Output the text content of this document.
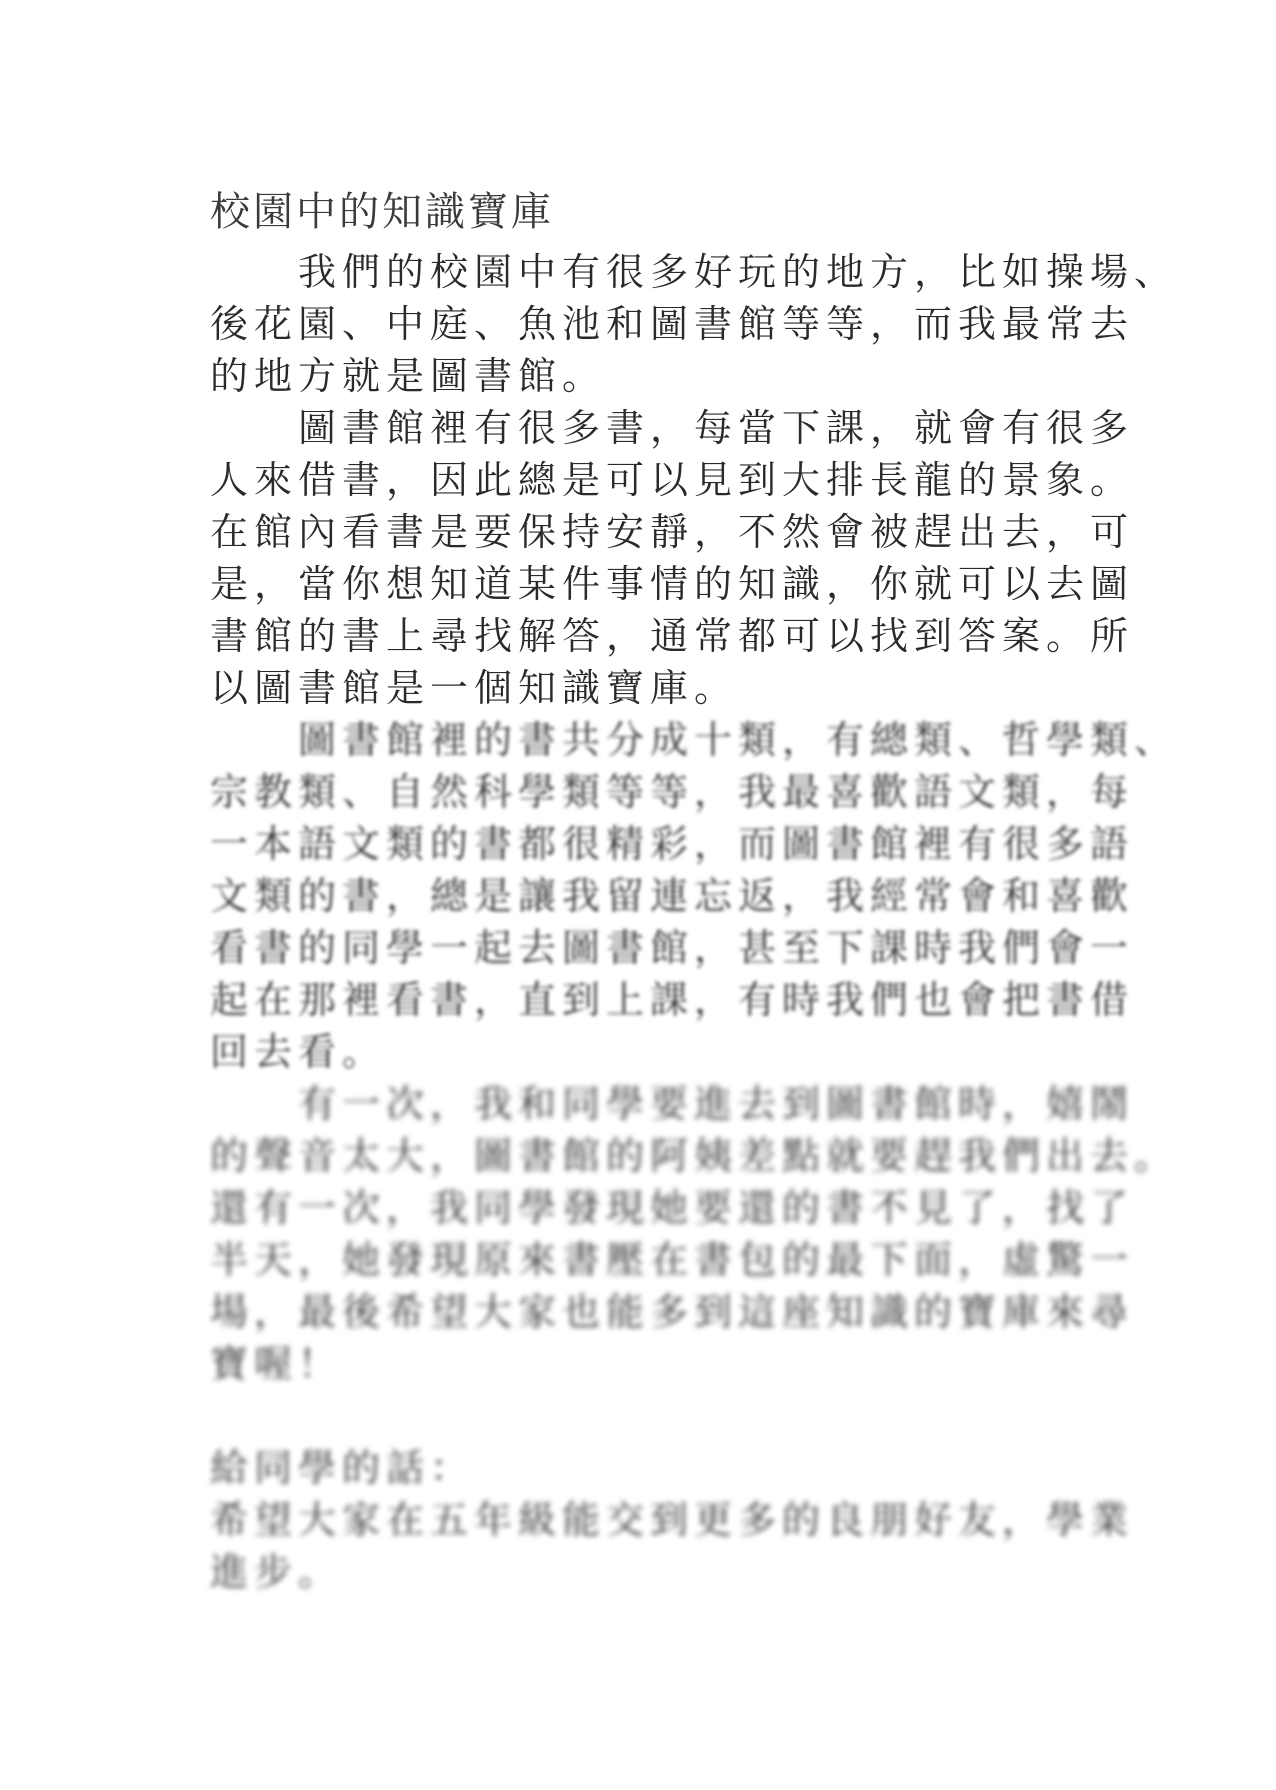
校園中的知識寶庫
　　我們的校園中有很多好玩的地方，比如操場、
後花園、中庭、魚池和圖書館等等，而我最常去
的地方就是圖書館。
　　圖書館裡有很多書，每當下課，就會有很多
人來借書，因此總是可以見到大排長龍的景象。
在館內看書是要保持安靜，不然會被趕出去，可
是，當你想知道某件事情的知識，你就可以去圖
書館的書上尋找解答，通常都可以找到答案。所
以圖書館是一個知識寶庫。
　　圖書館裡的書共分成十類，有總類、哲學類、
宗教類、自然科學類等等，我最喜歡語文類，每
一本語文類的書都很精彩，而圖書館裡有很多語
文類的書，總是讓我留連忘返，我經常會和喜歡
看書的同學一起去圖書館，甚至下課時我們會一
起在那裡看書，直到上課，有時我們也會把書借
回去看。
　　有一次，我和同學要進去到圖書館時，嬉鬧
的聲音太大，圖書館的阿姨差點就要趕我們出去。
還有一次，我同學發現她要還的書不見了，找了
半天，她發現原來書壓在書包的最下面，虛驚一
場，最後希望大家也能多到這座知識的寶庫來尋
寶喔！
給同學的話：
希望大家在五年級能交到更多的良朋好友，學業
進步。
